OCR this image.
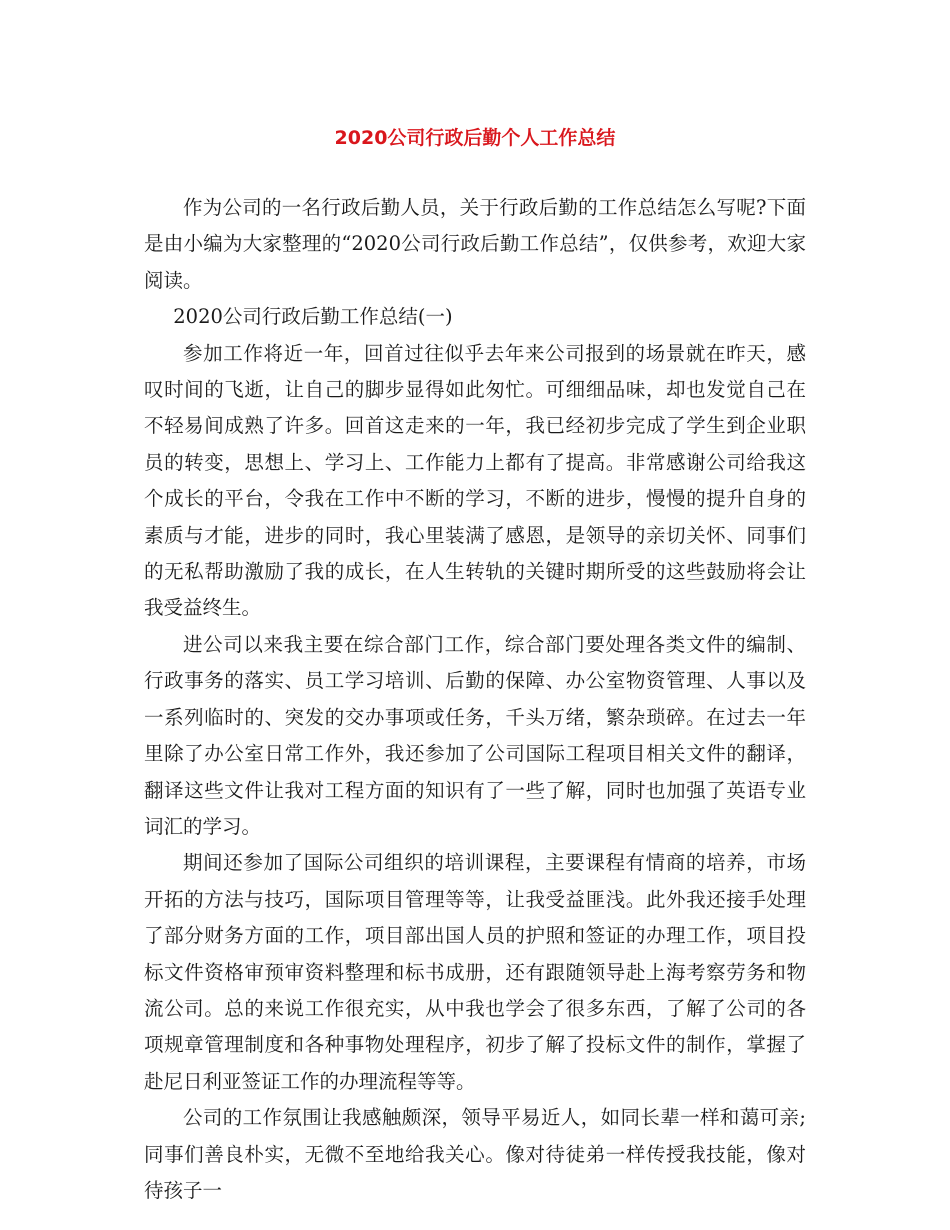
2020公司行政后勤个人工作总结

作为公司的一名行政后勤人员，关于行政后勤的工作总结怎么写呢?下面是由小编为大家整理的“2020公司行政后勤工作总结”，仅供参考，欢迎大家阅读。

2020公司行政后勤工作总结(一)

参加工作将近一年，回首过往似乎去年来公司报到的场景就在昨天，感叹时间的飞逝，让自己的脚步显得如此匆忙。可细细品味，却也发觉自己在不轻易间成熟了许多。回首这走来的一年，我已经初步完成了学生到企业职员的转变，思想上、学习上、工作能力上都有了提高。非常感谢公司给我这个成长的平台，令我在工作中不断的学习，不断的进步，慢慢的提升自身的素质与才能，进步的同时，我心里装满了感恩，是领导的亲切关怀、同事们的无私帮助激励了我的成长，在人生转轨的关键时期所受的这些鼓励将会让我受益终生。

进公司以来我主要在综合部门工作，综合部门要处理各类文件的编制、行政事务的落实、员工学习培训、后勤的保障、办公室物资管理、人事以及一系列临时的、突发的交办事项或任务，千头万绪，繁杂琐碎。在过去一年里除了办公室日常工作外，我还参加了公司国际工程项目相关文件的翻译，翻译这些文件让我对工程方面的知识有了一些了解，同时也加强了英语专业词汇的学习。

期间还参加了国际公司组织的培训课程，主要课程有情商的培养，市场开拓的方法与技巧，国际项目管理等等，让我受益匪浅。此外我还接手处理了部分财务方面的工作，项目部出国人员的护照和签证的办理工作，项目投标文件资格审预审资料整理和标书成册，还有跟随领导赴上海考察劳务和物流公司。总的来说工作很充实，从中我也学会了很多东西，了解了公司的各项规章管理制度和各种事物处理程序，初步了解了投标文件的制作，掌握了赴尼日利亚签证工作的办理流程等等。

公司的工作氛围让我感触颇深，领导平易近人，如同长辈一样和蔼可亲;同事们善良朴实，无微不至地给我关心。像对待徒弟一样传授我技能，像对待孩子一
